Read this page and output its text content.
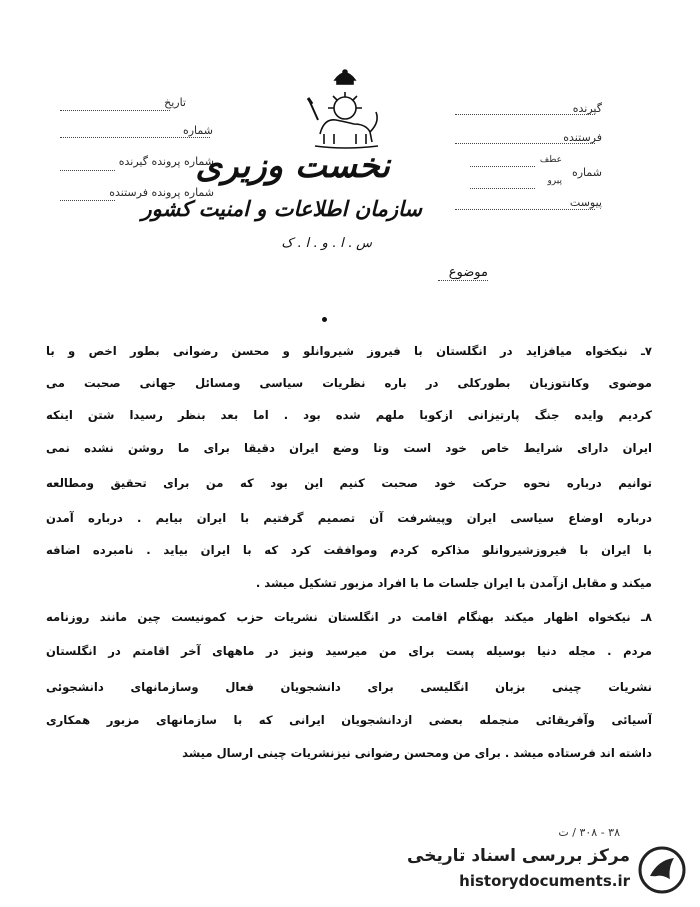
تاریخ
شماره
شماره پرونده گیرنده
شماره پرونده فرستنده
نخست وزیری
سازمان اطلاعات و امنیت کشور
س . ا . و . ا . ک
گیرنده
فرستنده
شماره
عطف
پیرو
پیوست
موضوع
۷ـ نیکخواه میافزاید در انگلستان با فیروز شیروانلو و محسن رضوانی بطور اخص و با
موضوی وکانتوزیان بطورکلی در باره نظریات سیاسی ومسائل جهانی صحبت می
کردیم وایده جنگ پارتیزانی ازکوبا ملهم شده بود . اما بعد بنظر رسیدا شتن اینکه
ایران دارای شرایط خاص خود است وتا وضع ایران دقیقا برای ما روشن نشده نمی
توانیم درباره نحوه حرکت خود صحبت کنیم این بود که من برای تحقیق ومطالعه
درباره اوضاع سیاسی ایران وپیشرفت آن تصمیم گرفتیم با ایران بیایم . درباره آمدن
با ایران با فیروزشیروانلو مذاکره کردم وموافقت کرد که با ایران بیاید . نامبرده اضافه
میکند و مقابل ازآمدن با ایران جلسات ما با افراد مزبور تشکیل میشد .
۸ـ نیکخواه اظهار میکند بهنگام اقامت در انگلستان نشریات حزب کمونیست چین مانند روزنامه
مردم . مجله دنیا بوسیله پست برای من میرسید ونیز در ماههای آخر اقامتم در انگلستان
نشریات چینی بزبان انگلیسی برای دانشجویان فعال وسازمانهای دانشجوئی
آسیائی وآفریقائی منجمله بعضی ازدانشجویان ایرانی که با سازمانهای مزبور همکاری
داشته اند فرستاده میشد . برای من ومحسن رضوانی نیزنشریات چینی ارسال میشد
۳۸ - ۳۰۸ / ت
مرکز بررسی اسناد تاریخی
historydocuments.ir
